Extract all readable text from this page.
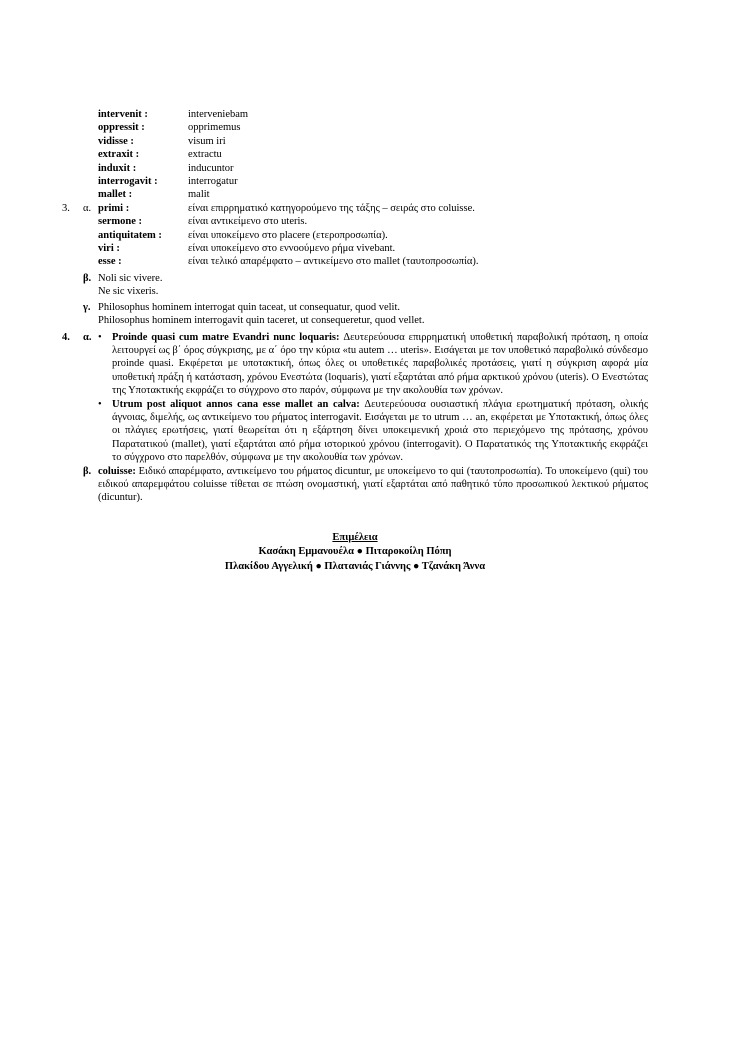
		intervenit :	interveniebam
		oppressit :	opprimemus
		vidisse :	visum iri
		extraxit :	extractu
		induxit :	inducuntor
		interrogavit :	interrogatur
		mallet :	malit
3.	α.	primi :	είναι επιρρηματικό κατηγορούμενο της τάξης – σειράς στο coluisse.
		sermone :	είναι αντικείμενο στο uteris.
		antiquitatem :	είναι υποκείμενο στο placere (ετεροπροσωπία).
		viri :	είναι υποκείμενο στο εννοούμενο ρήμα vivebant.
		esse :	είναι τελικό απαρέμφατο – αντικείμενο στο mallet (ταυτοπροσωπία).

β. Noli sic vivere.
Ne sic vixeris.

γ. Philosophus hominem interrogat quin taceat, ut consequatur, quod velit.
Philosophus hominem interrogavit quin taceret, ut consequeretur, quod vellet.
4.	α. • Proinde quasi cum matre Evandri nunc loquaris: Δευτερεύουσα επιρρηματική υποθετική παραβολική πρόταση, η οποία λειτουργεί ως β΄ όρος σύγκρισης, με α΄ όρο την κύρια «tu autem … uteris». Εισάγεται με τον υποθετικό παραβολικό σύνδεσμο proinde quasi. Εκφέρεται με υποτακτική, όπως όλες οι υποθετικές παραβολικές προτάσεις, γιατί η σύγκριση αφορά μία υποθετική πράξη ή κατάσταση, χρόνου Ενεστώτα (loquaris), γιατί εξαρτάται από ρήμα αρκτικού χρόνου (uteris). Ο Ενεστώτας της Υποτακτικής εκφράζει το σύγχρονο στο παρόν, σύμφωνα με την ακολουθία των χρόνων.

• Utrum post aliquot annos cana esse mallet an calva: Δευτερεύουσα ουσιαστική πλάγια ερωτηματική πρόταση, ολικής άγνοιας, διμελής, ως αντικείμενο του ρήματος interrogavit. Εισάγεται με το utrum … an, εκφέρεται με Υποτακτική, όπως όλες οι πλάγιες ερωτήσεις, γιατί θεωρείται ότι η εξάρτηση δίνει υποκειμενική χροιά στο περιεχόμενο της πρότασης, χρόνου Παρατατικού (mallet), γιατί εξαρτάται από ρήμα ιστορικού χρόνου (interrogavit). Ο Παρατατικός της Υποτακτικής εκφράζει το σύγχρονο στο παρελθόν, σύμφωνα με την ακολουθία των χρόνων.

β. coluisse: Ειδικό απαρέμφατο, αντικείμενο του ρήματος dicuntur, με υποκείμενο το qui (ταυτοπροσωπία). Το υποκείμενο (qui) του ειδικού απαρεμφάτου coluisse τίθεται σε πτώση ονομαστική, γιατί εξαρτάται από παθητικό τύπο προσωπικού λεκτικού ρήματος (dicuntur).
Επιμέλεια
Κασάκη Εμμανουέλα ● Πιταροκοίλη Πόπη
Πλακίδου Αγγελική ● Πλατανιάς Γιάννης ● Τζανάκη Άννα
